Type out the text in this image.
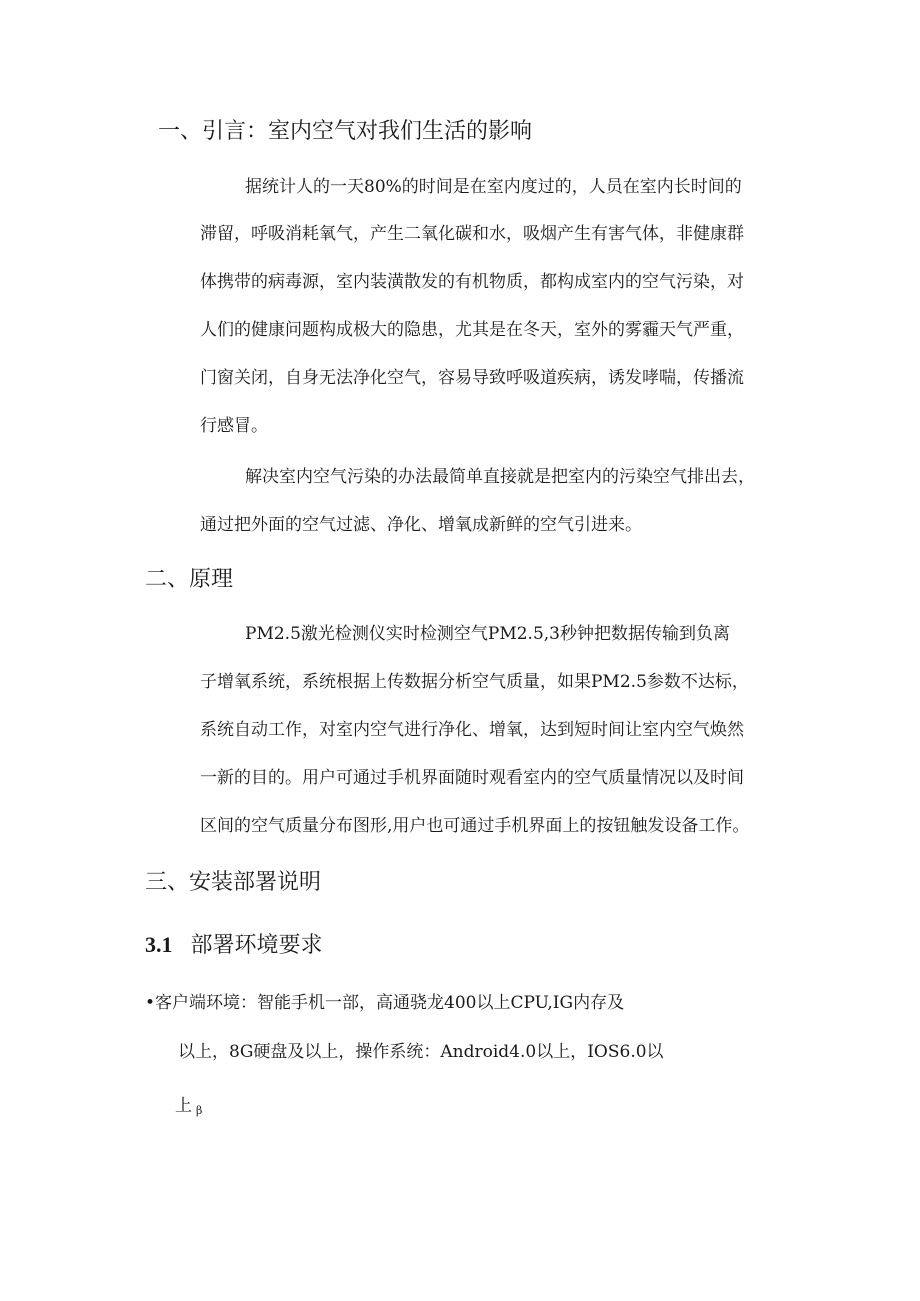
一、引言：室内空气对我们生活的影响

据统计人的一天80%的时间是在室内度过的，人员在室内长时间的

滞留，呼吸消耗氧气，产生二氧化碳和水，吸烟产生有害气体，非健康群

体携带的病毒源，室内装潢散发的有机物质，都构成室内的空气污染，对

人们的健康问题构成极大的隐患，尤其是在冬天，室外的雾霾天气严重，

门窗关闭，自身无法净化空气，容易导致呼吸道疾病，诱发哮喘，传播流

行感冒。

解决室内空气污染的办法最简单直接就是把室内的污染空气排出去，

通过把外面的空气过滤、净化、增氧成新鲜的空气引进来。

二、原理

PM2.5激光检测仪实时检测空气PM2.5,3秒钟把数据传输到负离

子增氧系统，系统根据上传数据分析空气质量，如果PM2.5参数不达标，

系统自动工作，对室内空气进行净化、增氧，达到短时间让室内空气焕然

一新的目的。用户可通过手机界面随时观看室内的空气质量情况以及时间

区间的空气质量分布图形,用户也可通过手机界面上的按钮触发设备工作。

三、安装部署说明
3.1 部署环境要求

•客户端环境：智能手机一部，高通骁龙400以上CPU,IG内存及

以上，8G硬盘及以上，操作系统：Android4.0以上，IOS6.0以

上β
